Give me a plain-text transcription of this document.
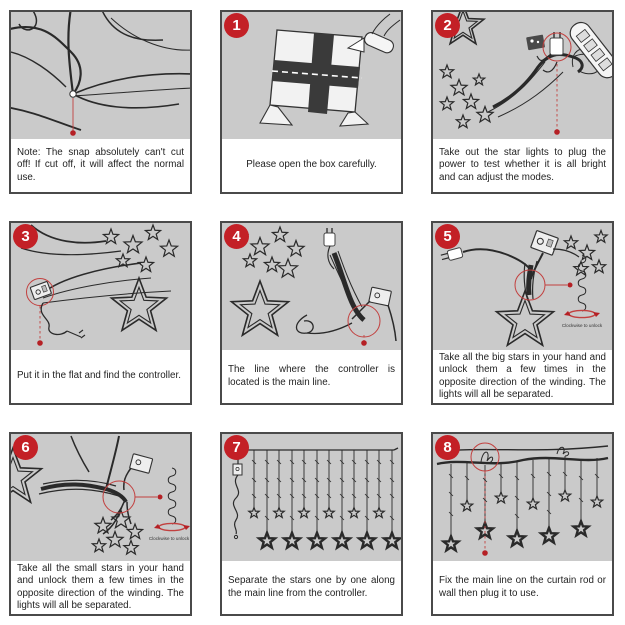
Note: The snap absolutely can't cut off! If cut off, it will affect the normal use.
1
Please open the box carefully.
2
Take out the star lights to plug the power to test whether it is all bright and can adjust the modes.
3
Put it in the flat and find the controller.
4
The line where the controller is located is the main line.
5
Clockwise to unlock
Take all the big stars in your hand and unlock them a few times in the opposite direction of the winding. The lights will all be separated.
6
Clockwise to unlock
Take all the small stars in your hand and unlock them a few times in the opposite direction of the winding. The lights will all be separated.
7
Separate the stars one by one along the main line from the controller.
8
Fix the main line on the curtain rod or wall then plug it to use.
